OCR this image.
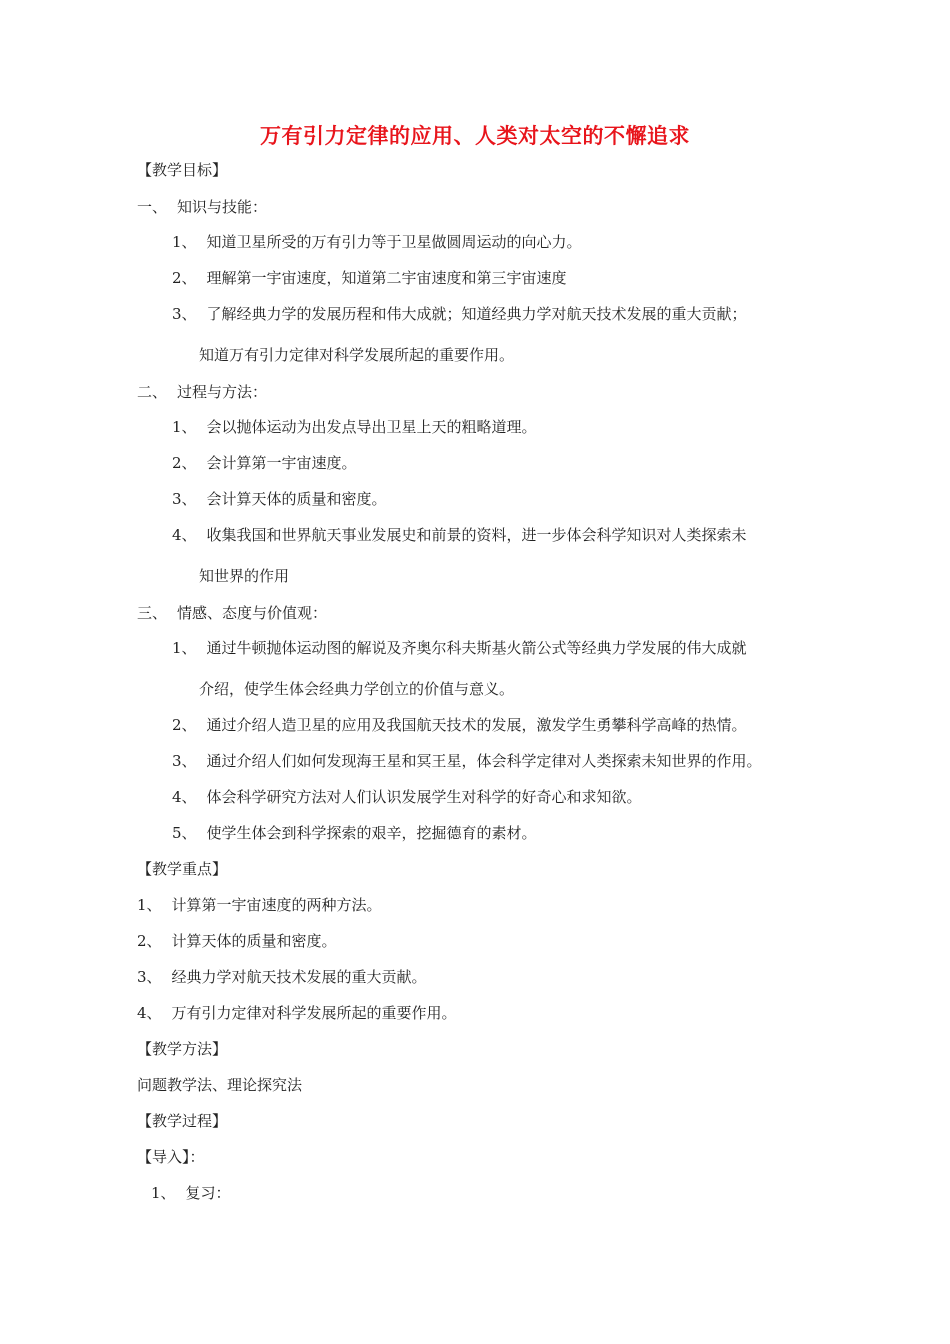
万有引力定律的应用、人类对太空的不懈追求
【教学目标】
一、 知识与技能：
1、 知道卫星所受的万有引力等于卫星做圆周运动的向心力。
2、 理解第一宇宙速度，知道第二宇宙速度和第三宇宙速度
3、 了解经典力学的发展历程和伟大成就；知道经典力学对航天技术发展的重大贡献；
知道万有引力定律对科学发展所起的重要作用。
二、 过程与方法：
1、 会以抛体运动为出发点导出卫星上天的粗略道理。
2、 会计算第一宇宙速度。
3、 会计算天体的质量和密度。
4、 收集我国和世界航天事业发展史和前景的资料，进一步体会科学知识对人类探索未
知世界的作用
三、 情感、态度与价值观：
1、 通过牛顿抛体运动图的解说及齐奥尔科夫斯基火箭公式等经典力学发展的伟大成就
介绍，使学生体会经典力学创立的价值与意义。
2、 通过介绍人造卫星的应用及我国航天技术的发展，激发学生勇攀科学高峰的热情。
3、 通过介绍人们如何发现海王星和冥王星，体会科学定律对人类探索未知世界的作用。
4、 体会科学研究方法对人们认识发展学生对科学的好奇心和求知欲。
5、 使学生体会到科学探索的艰辛，挖掘德育的素材。
【教学重点】
1、 计算第一宇宙速度的两种方法。
2、 计算天体的质量和密度。
3、 经典力学对航天技术发展的重大贡献。
4、 万有引力定律对科学发展所起的重要作用。
【教学方法】
问题教学法、理论探究法
【教学过程】
【导入】：
1、 复习：
